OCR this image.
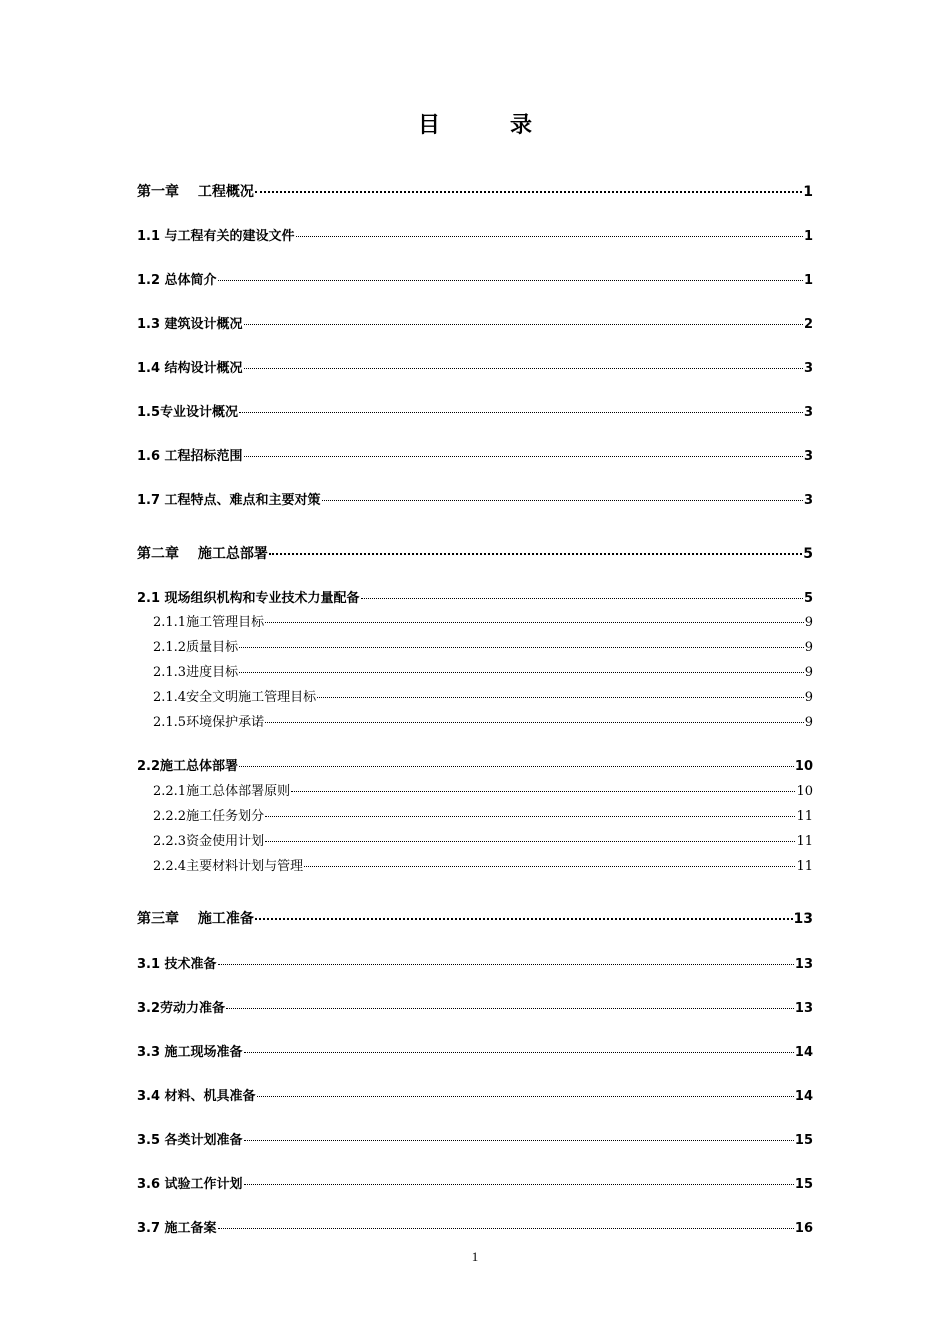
目	录
第一章　 工程概况	1
1.1 与工程有关的建设文件	1
1.2 总体简介	1
1.3 建筑设计概况	2
1.4 结构设计概况	3
1.5专业设计概况	3
1.6 工程招标范围	3
1.7 工程特点、难点和主要对策	3
第二章　 施工总部署	5
2.1 现场组织机构和专业技术力量配备	5
2.1.1施工管理目标	9
2.1.2质量目标	9
2.1.3进度目标	9
2.1.4安全文明施工管理目标	9
2.1.5环境保护承诺	9
2.2施工总体部署	10
2.2.1施工总体部署原则	10
2.2.2施工任务划分	11
2.2.3资金使用计划	11
2.2.4主要材料计划与管理	11
第三章　 施工准备	13
3.1 技术准备	13
3.2劳动力准备	13
3.3 施工现场准备	14
3.4 材料、机具准备	14
3.5 各类计划准备	15
3.6 试验工作计划	15
3.7 施工备案	16
1
